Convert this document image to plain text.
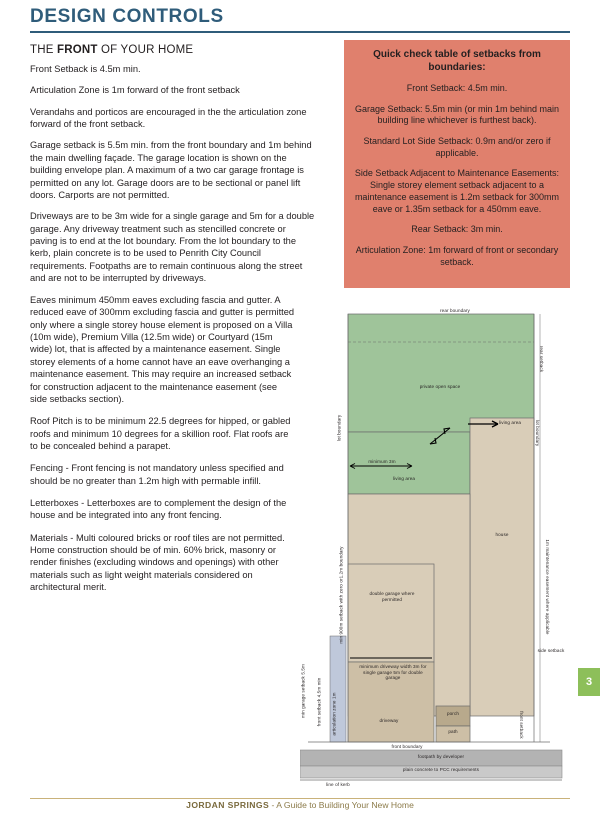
DESIGN CONTROLS
THE FRONT OF YOUR HOME

Front Setback is 4.5m min.

Articulation Zone is 1m forward of the front setback

Verandahs and porticos are encouraged in the the articulation zone forward of the front setback.

Garage setback is 5.5m min. from the front boundary and 1m behind the main dwelling façade. The garage location is shown on the building envelope plan. A maximum of a two car garage frontage is permitted on any lot. Garage doors are to be sectional or panel lift doors. Carports are not permitted.

Driveways are to be 3m wide for a single garage and 5m for a double garage. Any driveway treatment such as stencilled concrete or paving is to end at the lot boundary. From the lot boundary to the kerb, plain concrete is to be used to Penrith City Council requirements. Footpaths are to remain continuous along the street and are not to be interrupted by driveways.

Eaves minimum 450mm eaves excluding fascia and gutter. A reduced eave of 300mm excluding fascia and gutter is permitted only where a single storey house element is proposed on a Villa (10m wide), Premium Villa (12.5m wide) or Courtyard (15m wide) lot, that is affected by a maintenance easement. Single storey elements of a home cannot have an eave overhanging a maintenance easement. This may require an increased setback for construction adjacent to the maintenance easement (see side setbacks section).

Roof Pitch is to be minimum 22.5 degrees for hipped, or gabled roofs and minimum 10 degrees for a skillion roof. Flat roofs are to be concealed behind a parapet.

Fencing - Front fencing is not mandatory unless specified and should be no greater than 1.2m high with permable infill.

Letterboxes - Letterboxes are to complement the design of the house and be integrated into any front fencing.

Materials - Multi coloured bricks or roof tiles are not permitted. Home construction should be of min. 60% brick, masonry or render finishes (excluding windows and openings) with other materials such as light weight materials considered on architectural merit.

Quick check table of setbacks from boundaries:
Front Setback: 4.5m min.
Garage Setback: 5.5m min (or min 1m behind main building line whichever is furthest back).
Standard Lot Side Setback: 0.9m and/or zero if applicable.
Side Setback Adjacent to Maintenance Easements: Single storey element setback adjacent to a maintenance easement is 1.2m setback for 300mm eave or 1.35m setback for a 450mm eave.
Rear Setback: 3m min.
Articulation Zone: 1m forward of front or secondary setback.
rear boundary
rear setback
lot boundary	lot boundary
private open space
living area
minimum 3m
living area
house
double garage where permitted
min 900m setback with zero or1.2m boundary	1m maintenance easement where applicable
minimum driveway width 3m for single garage 5m for double garage
driveway
porch
path
side setback
front setback
front boundary
footpath by developer
plain concrete to PCC requirements
line of kerb
min garage setback 5.5m front setback 4.5m min articulation zone 1m
3
JORDAN SPRINGS - A Guide to Building Your New Home
